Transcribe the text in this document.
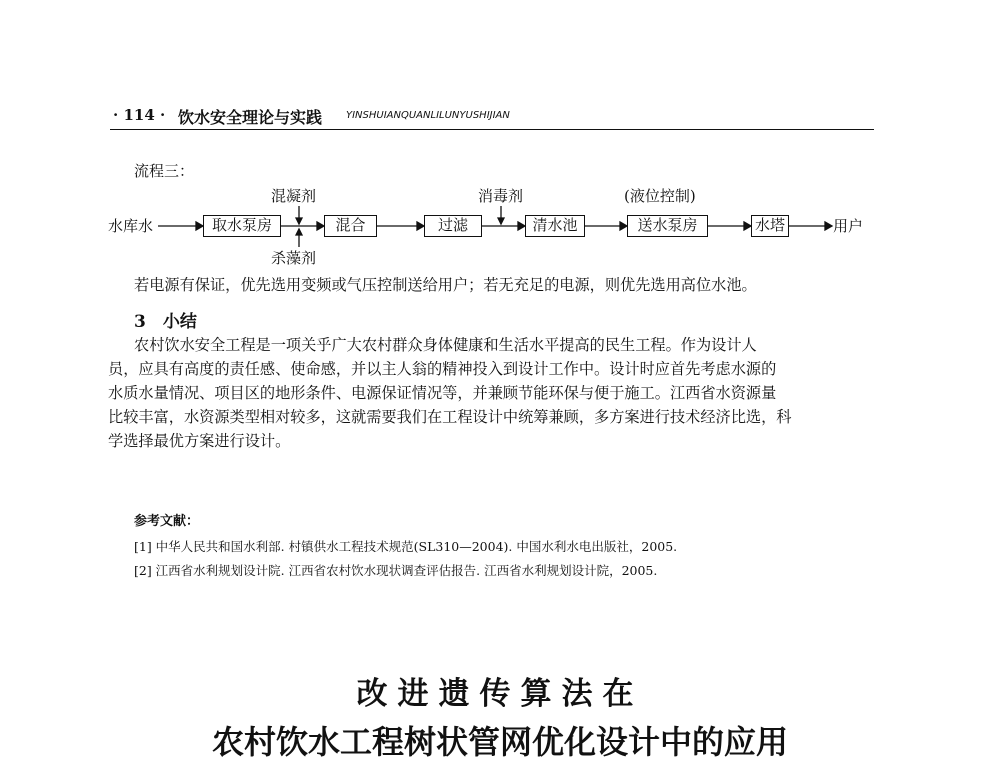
· 114 · 饮水安全理论与实践 YINSHUIANQUANLILUNYUSHIJIAN
流程三：
水库水	取水泵房	混合	过滤	清水池	送水泵房	水塔	用户
混凝剂
杀藻剂
消毒剂	(液位控制)
若电源有保证，优先选用变频或气压控制送给用户；若无充足的电源，则优先选用高位水池。
3　小结
农村饮水安全工程是一项关乎广大农村群众身体健康和生活水平提高的民生工程。作为设计人
员，应具有高度的责任感、使命感，并以主人翁的精神投入到设计工作中。设计时应首先考虑水源的
水质水量情况、项目区的地形条件、电源保证情况等，并兼顾节能环保与便于施工。江西省水资源量
比较丰富，水资源类型相对较多，这就需要我们在工程设计中统筹兼顾，多方案进行技术经济比选，科
学选择最优方案进行设计。
参考文献：
[1] 中华人民共和国水利部. 村镇供水工程技术规范(SL310—2004). 中国水利水电出版社，2005.
[2] 江西省水利规划设计院. 江西省农村饮水现状调查评估报告. 江西省水利规划设计院，2005.
改进遗传算法在
农村饮水工程树状管网优化设计中的应用
